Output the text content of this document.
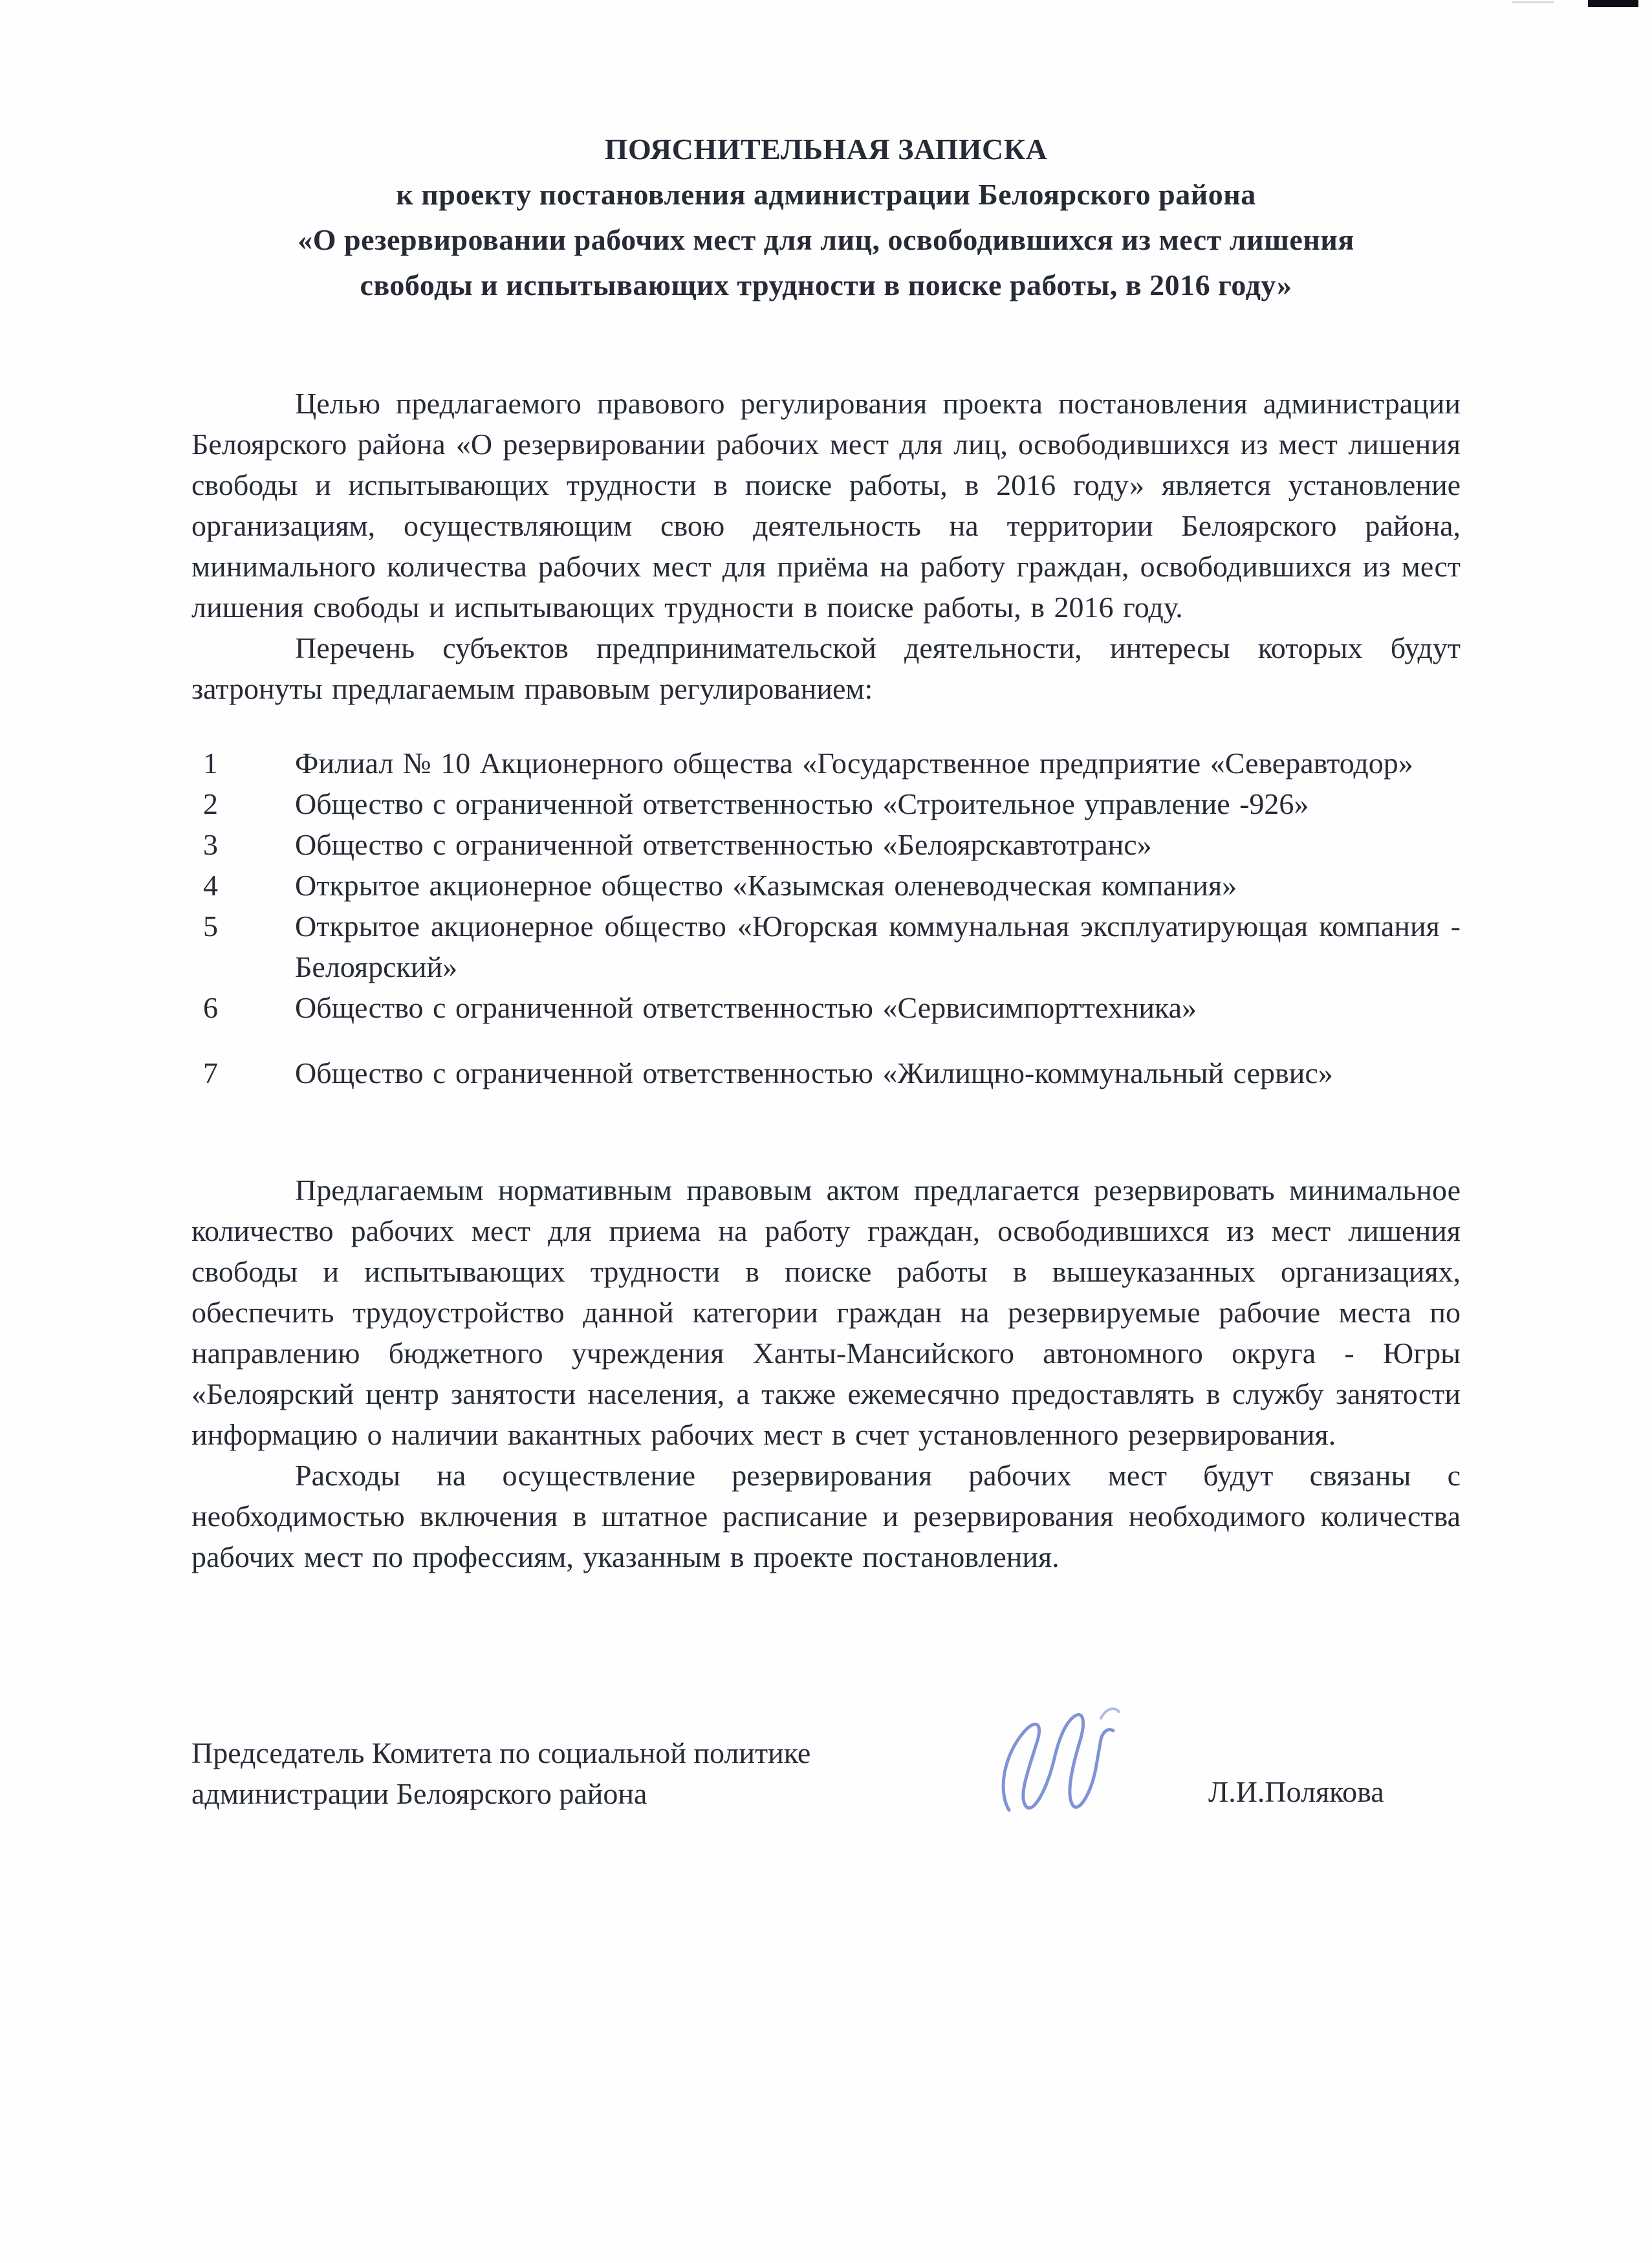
ПОЯСНИТЕЛЬНАЯ ЗАПИСКА
к проекту постановления администрации Белоярского района
«О резервировании рабочих мест для лиц, освободившихся из мест лишения
свободы и испытывающих трудности в поиске работы, в 2016 году»

Целью предлагаемого правового регулирования проекта постановления администрации Белоярского района «О резервировании рабочих мест для лиц, освободившихся из мест лишения свободы и испытывающих трудности в поиске работы, в 2016 году» является установление организациям, осуществляющим свою деятельность на территории Белоярского района, минимального количества рабочих мест для приёма на работу граждан, освободившихся из мест лишения свободы и испытывающих трудности в поиске работы, в 2016 году.

Перечень субъектов предпринимательской деятельности, интересы которых будут затронуты предлагаемым правовым регулированием:

1	Филиал № 10 Акционерного общества «Государственное предприятие «Северавтодор»
2	Общество с ограниченной ответственностью «Строительное управление -926»
3	Общество с ограниченной ответственностью «Белоярскавтотранс»
4	Открытое акционерное общество «Казымская оленеводческая компания»
5	Открытое акционерное общество «Югорская коммунальная эксплуатирующая компания - Белоярский»
6	Общество с ограниченной ответственностью «Сервисимпорттехника»
7	Общество с ограниченной ответственностью «Жилищно-коммунальный сервис»

Предлагаемым нормативным правовым актом предлагается резервировать минимальное количество рабочих мест для приема на работу граждан, освободившихся из мест лишения свободы и испытывающих трудности в поиске работы в вышеуказанных организациях, обеспечить трудоустройство данной категории граждан на резервируемые рабочие места по направлению бюджетного учреждения Ханты-Мансийского автономного округа - Югры «Белоярский центр занятости населения, а также ежемесячно предоставлять в службу занятости информацию о наличии вакантных рабочих мест в счет установленного резервирования.

Расходы на осуществление резервирования рабочих мест будут связаны с необходимостью включения в штатное расписание и резервирования необходимого количества рабочих мест по профессиям, указанным в проекте постановления.

Председатель Комитета по социальной политике
администрации Белоярского района	Л.И.Полякова
